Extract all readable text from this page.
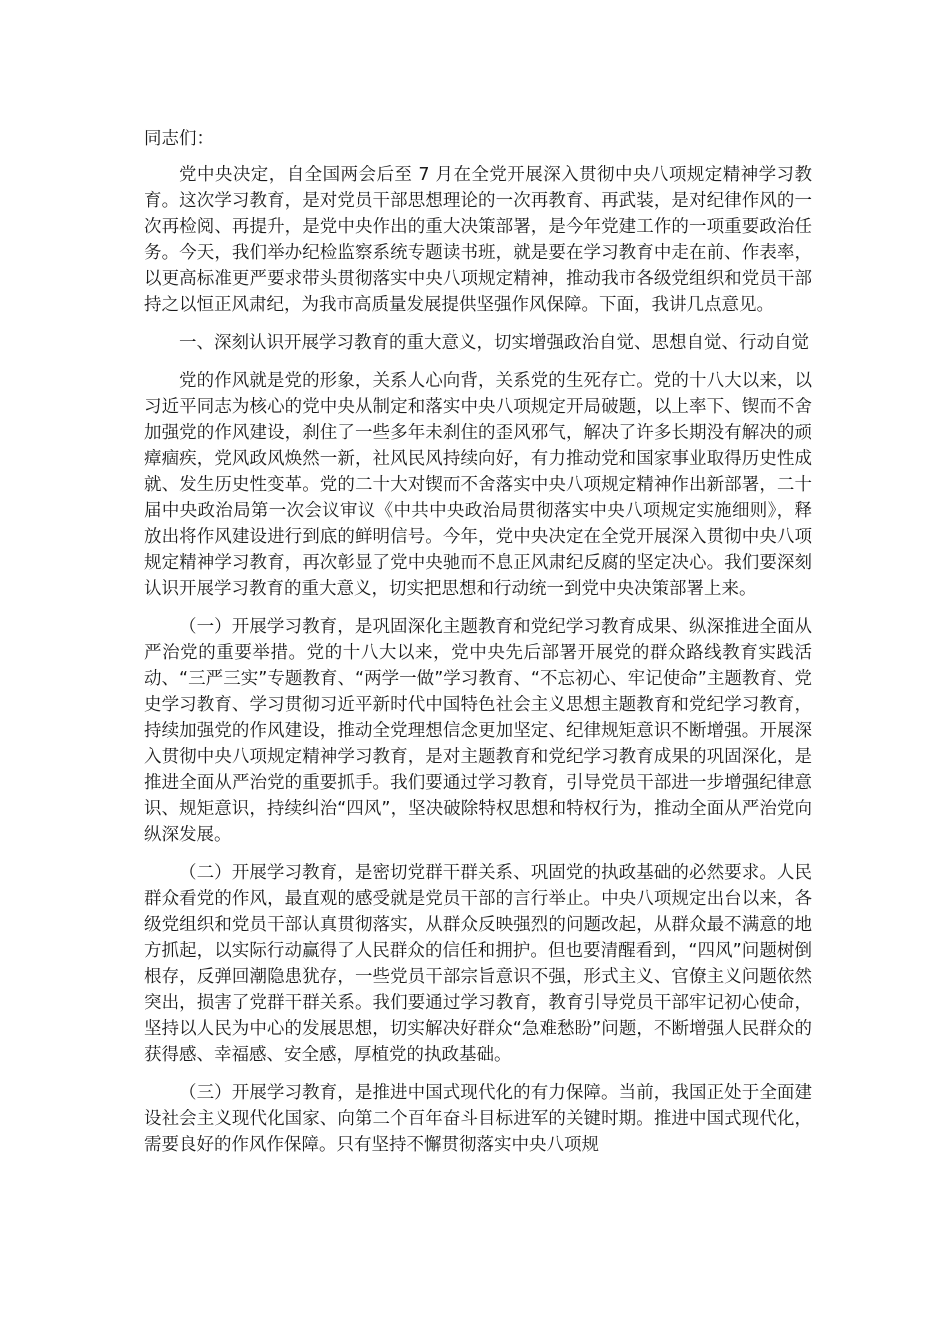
同志们：

党中央决定，自全国两会后至 7 月在全党开展深入贯彻中央八项规定精神学习教育。这次学习教育，是对党员干部思想理论的一次再教育、再武装，是对纪律作风的一次再检阅、再提升，是党中央作出的重大决策部署，是今年党建工作的一项重要政治任务。今天，我们举办纪检监察系统专题读书班，就是要在学习教育中走在前、作表率，以更高标准更严要求带头贯彻落实中央八项规定精神，推动我市各级党组织和党员干部持之以恒正风肃纪，为我市高质量发展提供坚强作风保障。下面，我讲几点意见。

一、深刻认识开展学习教育的重大意义，切实增强政治自觉、思想自觉、行动自觉

党的作风就是党的形象，关系人心向背，关系党的生死存亡。党的十八大以来，以习近平同志为核心的党中央从制定和落实中央八项规定开局破题，以上率下、锲而不舍加强党的作风建设，刹住了一些多年未刹住的歪风邪气，解决了许多长期没有解决的顽瘴痼疾，党风政风焕然一新，社风民风持续向好，有力推动党和国家事业取得历史性成就、发生历史性变革。党的二十大对锲而不舍落实中央八项规定精神作出新部署，二十届中央政治局第一次会议审议《中共中央政治局贯彻落实中央八项规定实施细则》，释放出将作风建设进行到底的鲜明信号。今年，党中央决定在全党开展深入贯彻中央八项规定精神学习教育，再次彰显了党中央驰而不息正风肃纪反腐的坚定决心。我们要深刻认识开展学习教育的重大意义，切实把思想和行动统一到党中央决策部署上来。

（一）开展学习教育，是巩固深化主题教育和党纪学习教育成果、纵深推进全面从严治党的重要举措。党的十八大以来，党中央先后部署开展党的群众路线教育实践活动、“三严三实”专题教育、“两学一做”学习教育、“不忘初心、牢记使命”主题教育、党史学习教育、学习贯彻习近平新时代中国特色社会主义思想主题教育和党纪学习教育，持续加强党的作风建设，推动全党理想信念更加坚定、纪律规矩意识不断增强。开展深入贯彻中央八项规定精神学习教育，是对主题教育和党纪学习教育成果的巩固深化，是推进全面从严治党的重要抓手。我们要通过学习教育，引导党员干部进一步增强纪律意识、规矩意识，持续纠治“四风”，坚决破除特权思想和特权行为，推动全面从严治党向纵深发展。

（二）开展学习教育，是密切党群干群关系、巩固党的执政基础的必然要求。人民群众看党的作风，最直观的感受就是党员干部的言行举止。中央八项规定出台以来，各级党组织和党员干部认真贯彻落实，从群众反映强烈的问题改起，从群众最不满意的地方抓起，以实际行动赢得了人民群众的信任和拥护。但也要清醒看到，“四风”问题树倒根存，反弹回潮隐患犹存，一些党员干部宗旨意识不强，形式主义、官僚主义问题依然突出，损害了党群干群关系。我们要通过学习教育，教育引导党员干部牢记初心使命，坚持以人民为中心的发展思想，切实解决好群众“急难愁盼”问题，不断增强人民群众的获得感、幸福感、安全感，厚植党的执政基础。

（三）开展学习教育，是推进中国式现代化的有力保障。当前，我国正处于全面建设社会主义现代化国家、向第二个百年奋斗目标进军的关键时期。推进中国式现代化，需要良好的作风作保障。只有坚持不懈贯彻落实中央八项规
